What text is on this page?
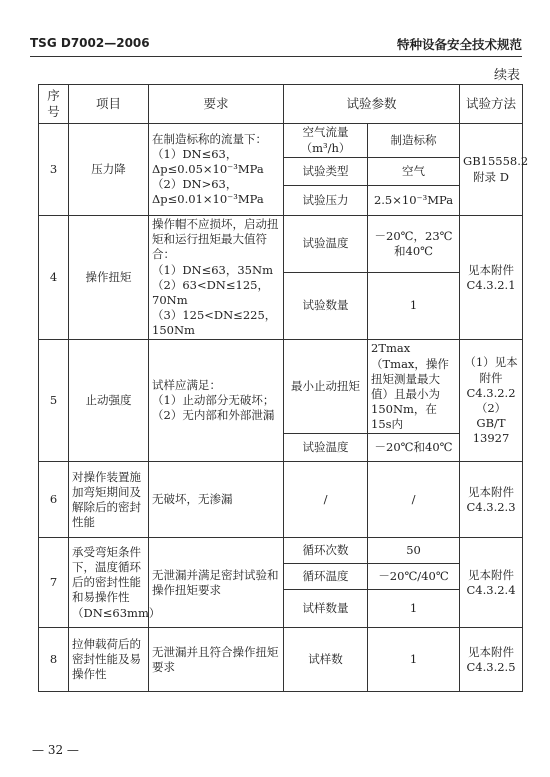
TSG D7002—2006	特种设备安全技术规范
续表
序号	项目	要求	试验参数		试验方法
3	压力降	在制造标称的流量下：
（1）DN≤63，
Δp≤0.05×10⁻³MPa
（2）DN>63，
Δp≤0.01×10⁻³MPa	空气流量（m³/h）	制造标称	GB15558.2 附录 D
			试验类型	空气	
			试验压力	2.5×10⁻³MPa	
4	操作扭矩	操作帽不应损坏，启动扭矩和运行扭矩最大值符合：
（1）DN≤63，35Nm
（2）63<DN≤125，70Nm
（3）125<DN≤225，150Nm	试验温度	－20℃，23℃和40℃	见本附件 C4.3.2.1
			试验数量	1	
5	止动强度	试样应满足：
（1）止动部分无破坏；
（2）无内部和外部泄漏	最小止动扭矩	2Tmax（Tmax，操作扭矩测量最大值）且最小为 150Nm，在15s内	（1）见本附件 C4.3.2.2（2）GB/T 13927
			试验温度	－20℃和40℃	
6	对操作装置施加弯矩期间及解除后的密封性能	无破坏，无渗漏	/	/	见本附件 C4.3.2.3
7	承受弯矩条件下，温度循环后的密封性能和易操作性（DN≤63mm）	无泄漏并满足密封试验和操作扭矩要求	循环次数	50	见本附件 C4.3.2.4
			循环温度	－20℃/40℃	
			试样数量	1	
8	拉伸载荷后的密封性能及易操作性	无泄漏并且符合操作扭矩要求	试样数	1	见本附件 C4.3.2.5
— 32 —
